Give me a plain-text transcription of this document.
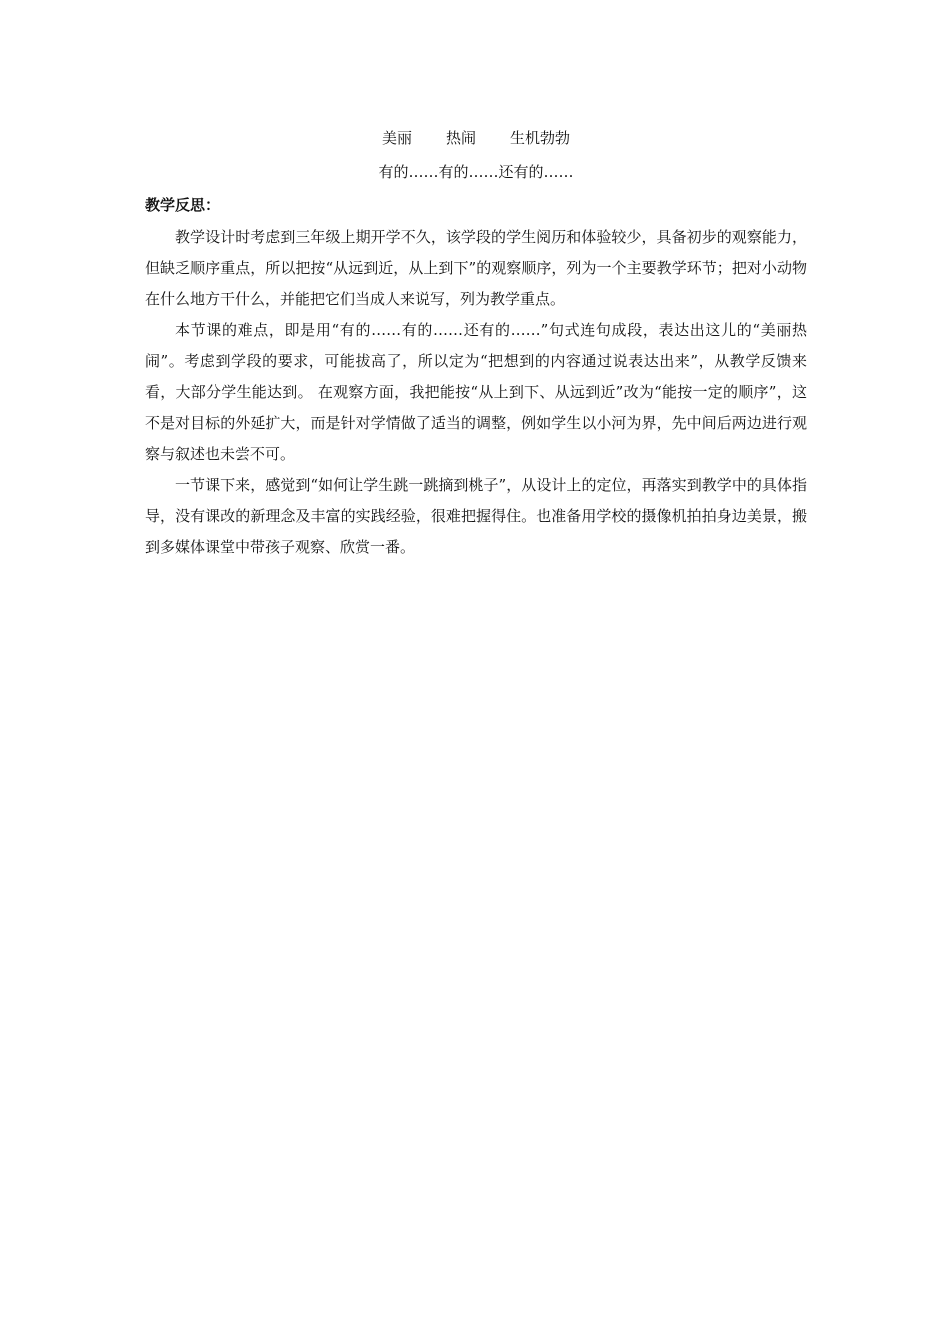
美丽 热闹 生机勃勃
有的……有的……还有的……
教学反思：

教学设计时考虑到三年级上期开学不久，该学段的学生阅历和体验较少，具备初步的观察能力，但缺乏顺序重点，所以把按“从远到近，从上到下”的观察顺序，列为一个主要教学环节；把对小动物在什么地方干什么，并能把它们当成人来说写，列为教学重点。

本节课的难点，即是用“有的……有的……还有的……”句式连句成段，表达出这儿的“美丽热闹”。考虑到学段的要求，可能拔高了，所以定为“把想到的内容通过说表达出来”，从教学反馈来看，大部分学生能达到。 在观察方面，我把能按“从上到下、从远到近”改为“能按一定的顺序”，这不是对目标的外延扩大，而是针对学情做了适当的调整，例如学生以小河为界，先中间后两边进行观察与叙述也未尝不可。

一节课下来，感觉到“如何让学生跳一跳摘到桃子”，从设计上的定位，再落实到教学中的具体指导，没有课改的新理念及丰富的实践经验，很难把握得住。也准备用学校的摄像机拍拍身边美景，搬到多媒体课堂中带孩子观察、欣赏一番。
